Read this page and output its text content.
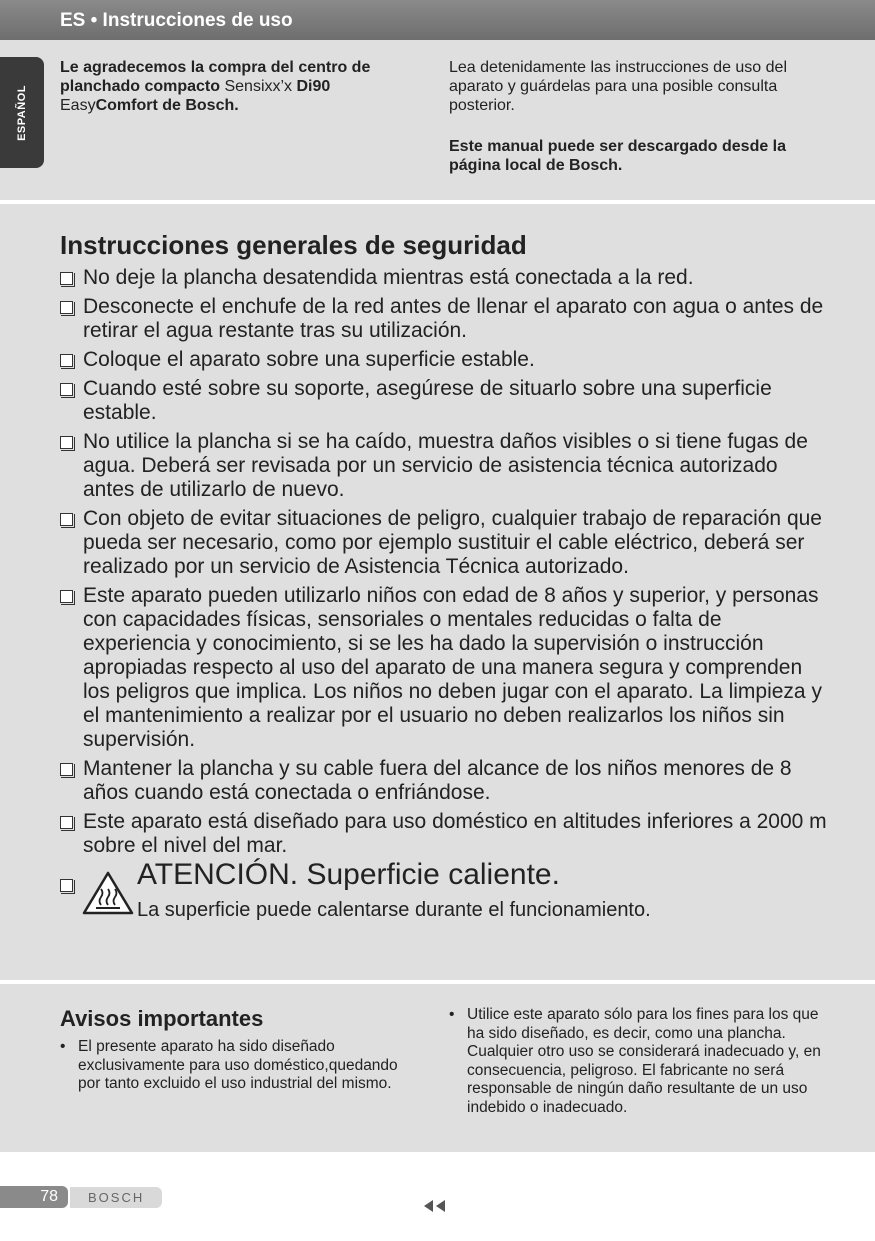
ES • Instrucciones de uso
Le agradecemos la compra del centro de planchado compacto Sensixx’x Di90
EasyComfort de Bosch.

Lea detenidamente las instrucciones de uso del aparato y guárdelas para una posible consulta posterior.

Este manual puede ser descargado desde la página local de Bosch.

ESPAÑOL
Instrucciones generales de seguridad
No deje la plancha desatendida mientras está conectada a la red.
Desconecte el enchufe de la red antes de llenar el aparato con agua o antes de retirar el agua restante tras su utilización.
Coloque el aparato sobre una superficie estable.
Cuando esté sobre su soporte, asegúrese de situarlo sobre una superficie estable.
No utilice la plancha si se ha caído, muestra daños visibles o si tiene fugas de agua. Deberá ser revisada por un servicio de asistencia técnica autorizado antes de utilizarlo de nuevo.
Con objeto de evitar situaciones de peligro, cualquier trabajo de reparación que pueda ser necesario, como por ejemplo sustituir el cable eléctrico, deberá ser realizado por un servicio de Asistencia Técnica autorizado.
Este aparato pueden utilizarlo niños con edad de 8 años y superior, y personas con capacidades físicas, sensoriales o mentales reducidas o falta de experiencia y conocimiento, si se les ha dado la supervisión o instrucción apropiadas respecto al uso del aparato de una manera segura y comprenden los peligros que implica. Los niños no deben jugar con el aparato. La limpieza y el mantenimiento a realizar por el usuario no deben realizarlos los niños sin supervisión.
Mantener la plancha y su cable fuera del alcance de los niños menores de 8 años cuando está conectada o enfriándose.
Este aparato está diseñado para uso doméstico en altitudes inferiores a 2000 m sobre el nivel del mar.
ATENCIÓN. Superficie caliente.
La superficie puede calentarse durante el funcionamiento.
Avisos importantes
• El presente aparato ha sido diseñado exclusivamente para uso doméstico,quedando por tanto excluido el uso industrial del mismo.
• Utilice este aparato sólo para los fines para los que ha sido diseñado, es decir, como una plancha. Cualquier otro uso se considerará inadecuado y, en consecuencia, peligroso. El fabricante no será responsable de ningún daño resultante de un uso indebido o inadecuado.
78	BOSCH
